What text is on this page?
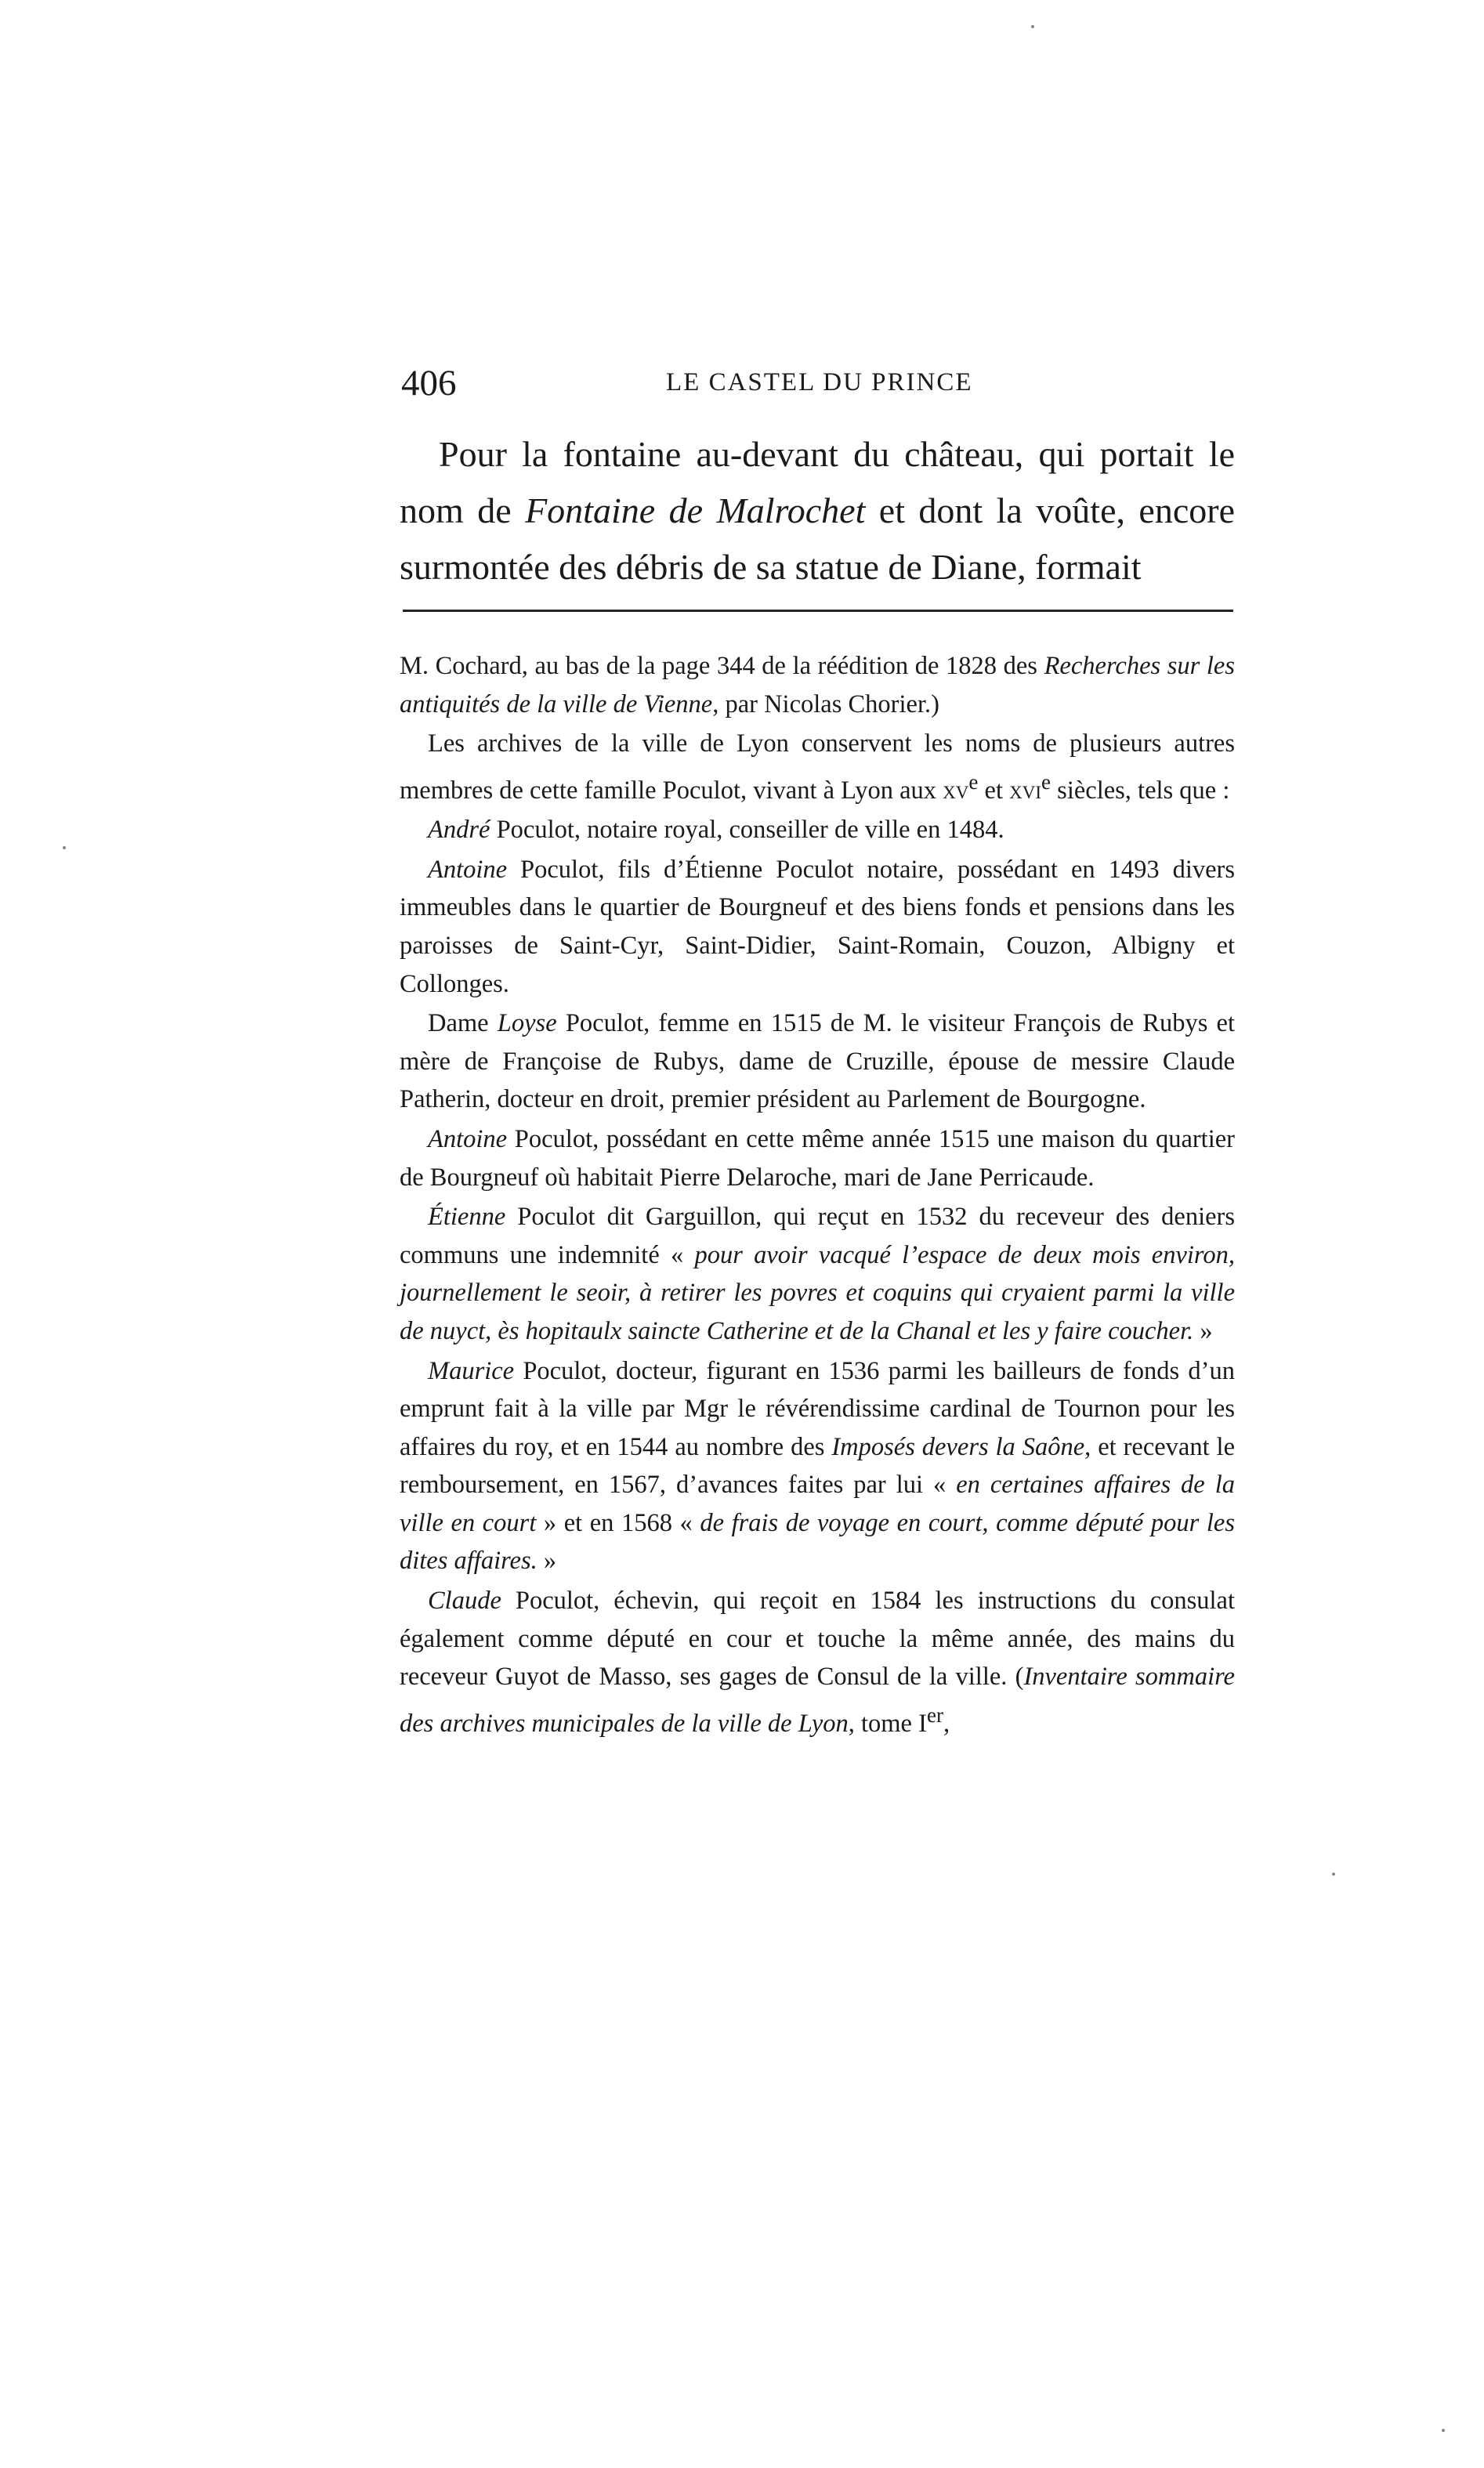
406	LE CASTEL DU PRINCE

Pour la fontaine au-devant du château, qui portait le nom de Fontaine de Malrochet et dont la voûte, encore surmontée des débris de sa statue de Diane, formait

M. Cochard, au bas de la page 344 de la réédition de 1828 des Recherches sur les antiquités de la ville de Vienne, par Nicolas Chorier.)

Les archives de la ville de Lyon conservent les noms de plusieurs autres membres de cette famille Poculot, vivant à Lyon aux $xv^e$ et xvi$^e$ siècles, tels que :

André Poculot, notaire royal, conseiller de ville en 1484.

Antoine Poculot, fils d’Étienne Poculot notaire, possédant en 1493 divers immeubles dans le quartier de Bourgneuf et des biens fonds et pensions dans les paroisses de Saint-Cyr, Saint-Didier, Saint-Romain, Couzon, Albigny et Collonges.

Dame Loyse Poculot, femme en 1515 de M. le visiteur François de Rubys et mère de Françoise de Rubys, dame de Cruzille, épouse de messire Claude Patherin, docteur en droit, premier président au Parlement de Bourgogne.

Antoine Poculot, possédant en cette même année 1515 une maison du quartier de Bourgneuf où habitait Pierre Delaroche, mari de Jane Perricaude.

Étienne Poculot dit Garguillon, qui reçut en 1532 du receveur des deniers communs une indemnité « pour avoir vacqué l’espace de deux mois environ, journellement le seoir, à retirer les povres et coquins qui cryaient parmi la ville de nuyct, ès hopitaulx saincte Catherine et de la Chanal et les y faire coucher. »

Maurice Poculot, docteur, figurant en 1536 parmi les bailleurs de fonds d’un emprunt fait à la ville par Mgr le révérendissime cardinal de Tournon pour les affaires du roy, et en 1544 au nombre des Imposés devers la Saône, et recevant le remboursement, en 1567, d’avances faites par lui « en certaines affaires de la ville en court » et en 1568 « de frais de voyage en court, comme député pour les dites affaires. »

Claude Poculot, échevin, qui reçoit en 1584 les instructions du consulat également comme député en cour et touche la même année, des mains du receveur Guyot de Masso, ses gages de Consul de la ville. (Inventaire sommaire des archives municipales de la ville de Lyon, tome Ier,
